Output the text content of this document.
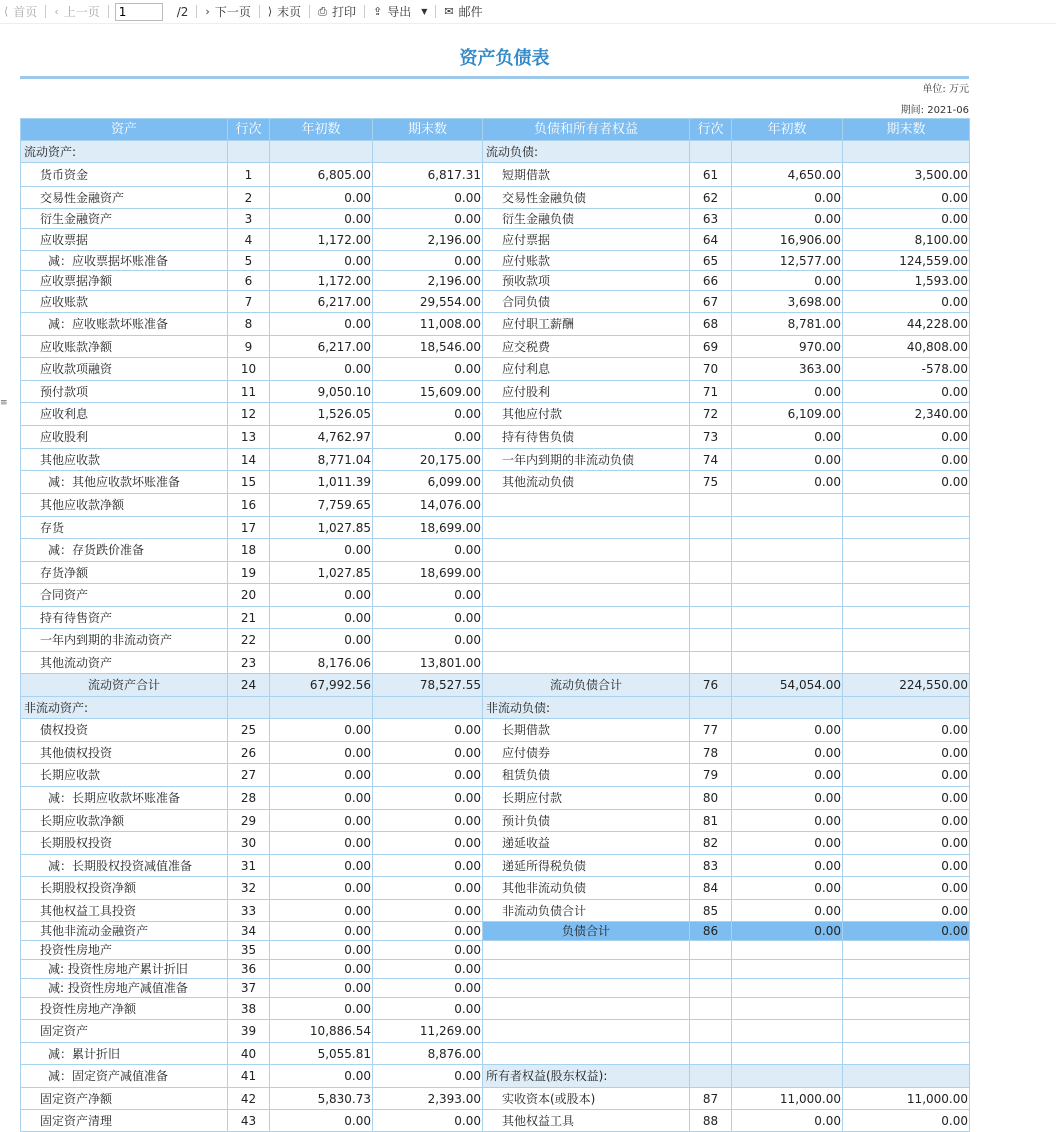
⟨ 首页 ‹ 上一页
1	/2	› 下一页 ⟩ 末页 ⎙ 打印 ⇪ 导出 ▼ ✉ 邮件
≡
资产负债表
单位: 万元
期间: 2021-06
资产	行次	年初数	期末数	负债和所有者权益	行次	年初数	期末数
流动资产:				流动负债:			
货币资金	1	6,805.00	6,817.31	短期借款	61	4,650.00	3,500.00
交易性金融资产	2	0.00	0.00	交易性金融负债	62	0.00	0.00
衍生金融资产	3	0.00	0.00	衍生金融负债	63	0.00	0.00
应收票据	4	1,172.00	2,196.00	应付票据	64	16,906.00	8,100.00
减：应收票据坏账准备	5	0.00	0.00	应付账款	65	12,577.00	124,559.00
应收票据净额	6	1,172.00	2,196.00	预收款项	66	0.00	1,593.00
应收账款	7	6,217.00	29,554.00	合同负债	67	3,698.00	0.00
减：应收账款坏账准备	8	0.00	11,008.00	应付职工薪酬	68	8,781.00	44,228.00
应收账款净额	9	6,217.00	18,546.00	应交税费	69	970.00	40,808.00
应收款项融资	10	0.00	0.00	应付利息	70	363.00	-578.00
预付款项	11	9,050.10	15,609.00	应付股利	71	0.00	0.00
应收利息	12	1,526.05	0.00	其他应付款	72	6,109.00	2,340.00
应收股利	13	4,762.97	0.00	持有待售负债	73	0.00	0.00
其他应收款	14	8,771.04	20,175.00	一年内到期的非流动负债	74	0.00	0.00
减：其他应收款坏账准备	15	1,011.39	6,099.00	其他流动负债	75	0.00	0.00
其他应收款净额	16	7,759.65	14,076.00				
存货	17	1,027.85	18,699.00				
减：存货跌价准备	18	0.00	0.00				
存货净额	19	1,027.85	18,699.00				
合同资产	20	0.00	0.00				
持有待售资产	21	0.00	0.00				
一年内到期的非流动资产	22	0.00	0.00				
其他流动资产	23	8,176.06	13,801.00				
流动资产合计	24	67,992.56	78,527.55	流动负债合计	76	54,054.00	224,550.00
非流动资产:				非流动负债:			
债权投资	25	0.00	0.00	长期借款	77	0.00	0.00
其他债权投资	26	0.00	0.00	应付债券	78	0.00	0.00
长期应收款	27	0.00	0.00	租赁负债	79	0.00	0.00
减：长期应收款坏账准备	28	0.00	0.00	长期应付款	80	0.00	0.00
长期应收款净额	29	0.00	0.00	预计负债	81	0.00	0.00
长期股权投资	30	0.00	0.00	递延收益	82	0.00	0.00
减：长期股权投资减值准备	31	0.00	0.00	递延所得税负债	83	0.00	0.00
长期股权投资净额	32	0.00	0.00	其他非流动负债	84	0.00	0.00
其他权益工具投资	33	0.00	0.00	非流动负债合计	85	0.00	0.00
其他非流动金融资产	34	0.00	0.00	负债合计	86	0.00	0.00
投资性房地产	35	0.00	0.00				
减: 投资性房地产累计折旧	36	0.00	0.00				
减: 投资性房地产减值准备	37	0.00	0.00				
投资性房地产净额	38	0.00	0.00				
固定资产	39	10,886.54	11,269.00				
减：累计折旧	40	5,055.81	8,876.00				
减：固定资产减值准备	41	0.00	0.00	所有者权益(股东权益):			
固定资产净额	42	5,830.73	2,393.00	实收资本(或股本)	87	11,000.00	11,000.00
固定资产清理	43	0.00	0.00	其他权益工具	88	0.00	0.00
